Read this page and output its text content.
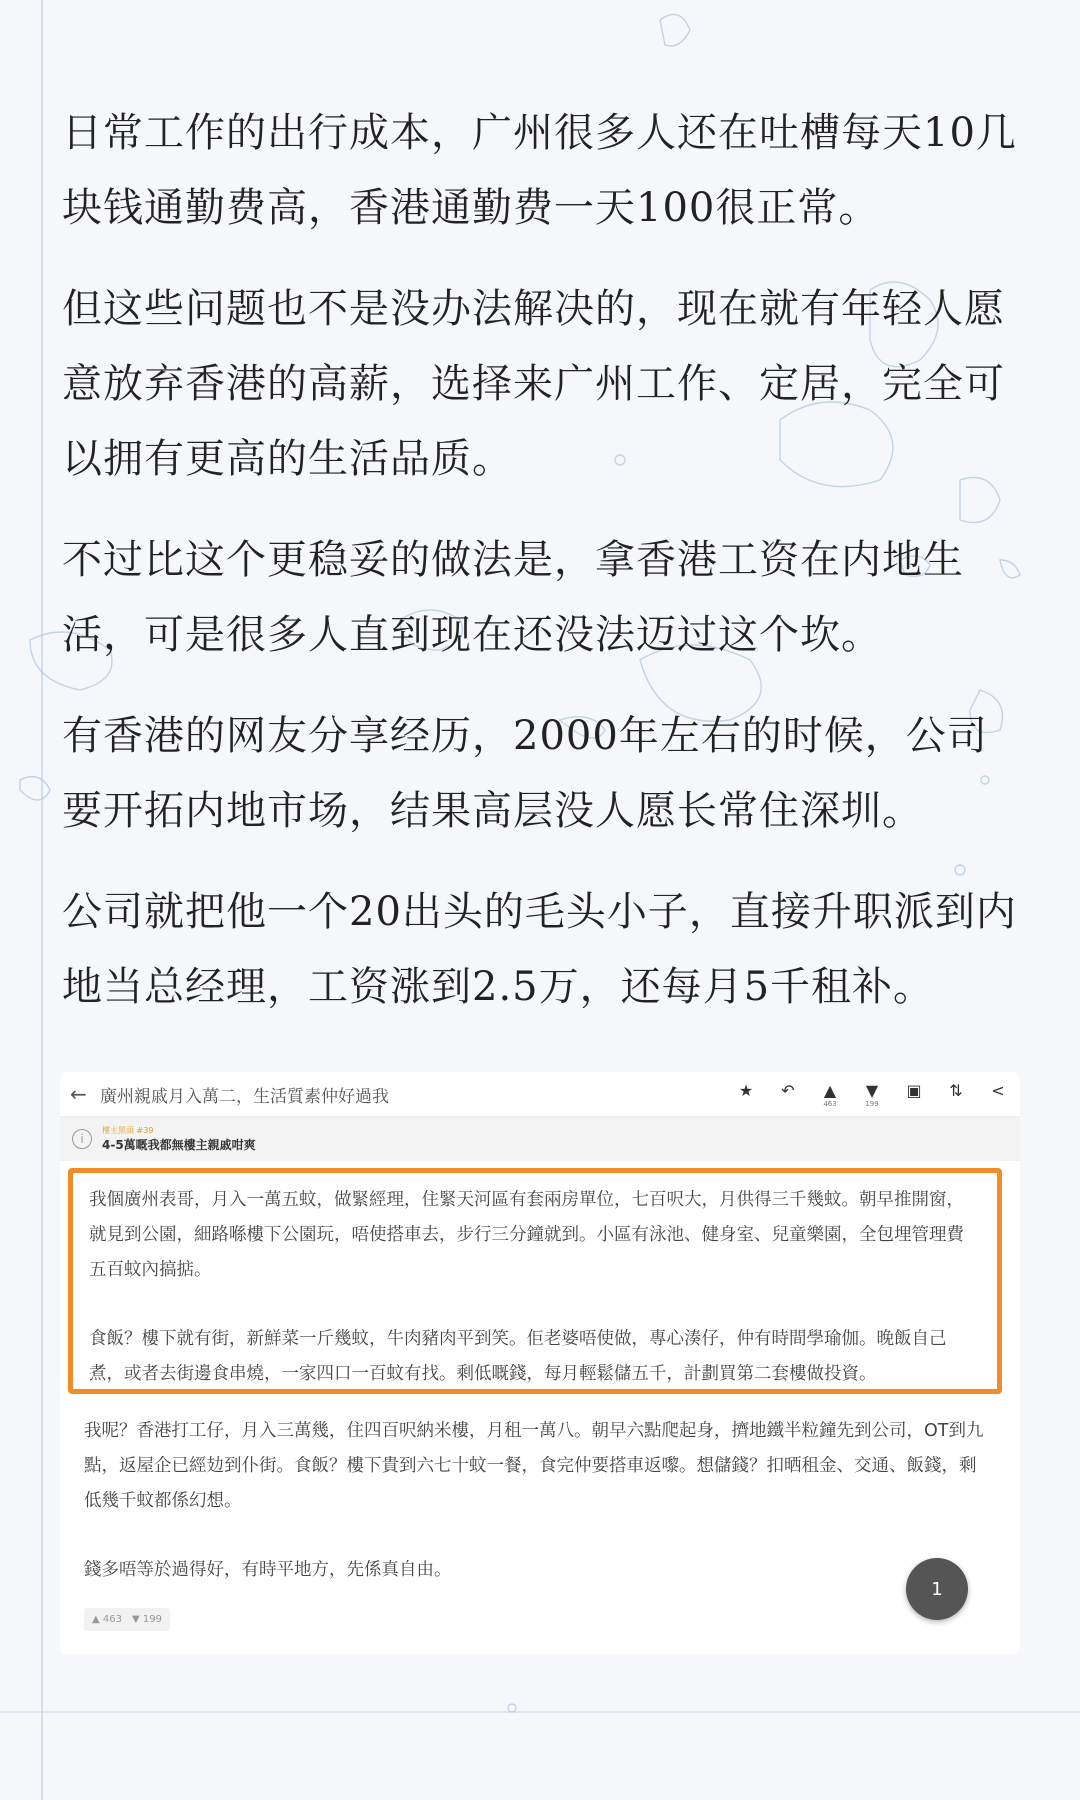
日常工作的出行成本，广州很多人还在吐槽每天10几块钱通勤费高，香港通勤费一天100很正常。

但这些问题也不是没办法解决的，现在就有年轻人愿意放弃香港的高薪，选择来广州工作、定居，完全可以拥有更高的生活品质。

不过比这个更稳妥的做法是，拿香港工资在内地生活，可是很多人直到现在还没法迈过这个坎。

有香港的网友分享经历，2000年左右的时候，公司要开拓内地市场，结果高层没人愿长常住深圳。

公司就把他一个20出头的毛头小子，直接升职派到内地当总经理，工资涨到2.5万，还每月5千租补。

← 廣州親戚月入萬二，生活質素仲好過我	★	↶	▲
463
▼
199
▣	⇅	<
i
樓主黑頭 #39
4-5萬嘅我都無樓主親戚咁爽

我個廣州表哥，月入一萬五蚊，做緊經理，住緊天河區有套兩房單位，七百呎大，月供得三千幾蚊。朝早推開窗，就見到公園，細路喺樓下公園玩，唔使搭車去，步行三分鐘就到。小區有泳池、健身室、兒童樂園，全包埋管理費五百蚊內搞掂。

食飯？樓下就有街，新鮮菜一斤幾蚊，牛肉豬肉平到笑。佢老婆唔使做，專心湊仔，仲有時間學瑜伽。晚飯自己煮，或者去街邊食串燒，一家四口一百蚊有找。剩低嘅錢，每月輕鬆儲五千，計劃買第二套樓做投資。

我呢？香港打工仔，月入三萬幾，住四百呎納米樓，月租一萬八。朝早六點爬起身，擠地鐵半粒鐘先到公司，OT到九點，返屋企已經攰到仆街。食飯？樓下貴到六七十蚊一餐，食完仲要搭車返嚟。想儲錢？扣晒租金、交通、飯錢，剩低幾千蚊都係幻想。

錢多唔等於過得好，有時平地方，先係真自由。

1
▲ 463 ▼ 199
